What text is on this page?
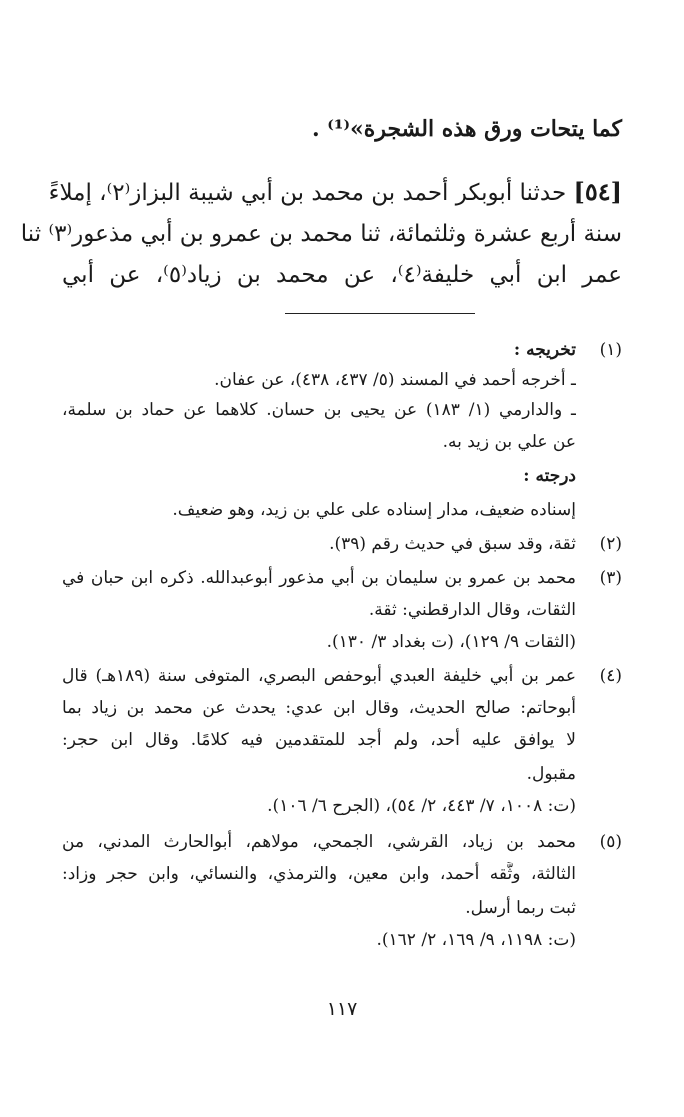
كما يتحات ورق هذه الشجرة»⁽¹⁾ .
[٥٤] حدثنا أبوبكر أحمد بن محمد بن أبي شيبة البزاز⁽٢⁾، إملاءً
سنة أربع عشرة وثلثمائة، ثنا محمد بن عمرو بن أبي مذعور⁽٣⁾ ثنا
عمر ابن أبي خليفة⁽٤⁾، عن محمد بن زياد⁽٥⁾، عن أبي
(١)
تخريجه :
ـ أخرجه أحمد في المسند (٥/ ٤٣٧، ٤٣٨)، عن عفان.
ـ والدارمي (١/ ١٨٣) عن يحيى بن حسان. كلاهما عن حماد بن سلمة،
عن علي بن زيد به.
درجته :
إسناده ضعيف، مدار إسناده على علي بن زيد، وهو ضعيف.
(٢)
ثقة، وقد سبق في حديث رقم (٣٩).
(٣)
محمد بن عمرو بن سليمان بن أبي مذعور أبوعبدالله. ذكره ابن حبان في
الثقات، وقال الدارقطني: ثقة.
(الثقات ٩/ ١٢٩)، (ت بغداد ٣/ ١٣٠).
(٤)
عمر بن أبي خليفة العبدي أبوحفص البصري، المتوفى سنة (١٨٩هـ) قال
أبوحاتم: صالح الحديث، وقال ابن عدي: يحدث عن محمد بن زياد بما
لا يوافق عليه أحد، ولم أجد للمتقدمين فيه كلامًا. وقال ابن حجر:
مقبول.
(ت: ١٠٠٨، ٧/ ٤٤٣، ٢/ ٥٤)، (الجرح ٦/ ١٠٦).
(٥)
محمد بن زياد، القرشي، الجمحي، مولاهم، أبوالحارث المدني، من
الثالثة، وثَّقه أحمد، وابن معين، والترمذي، والنسائي، وابن حجر وزاد:
ثبت ربما أرسل.
(ت: ١١٩٨، ٩/ ١٦٩، ٢/ ١٦٢).
١١٧
